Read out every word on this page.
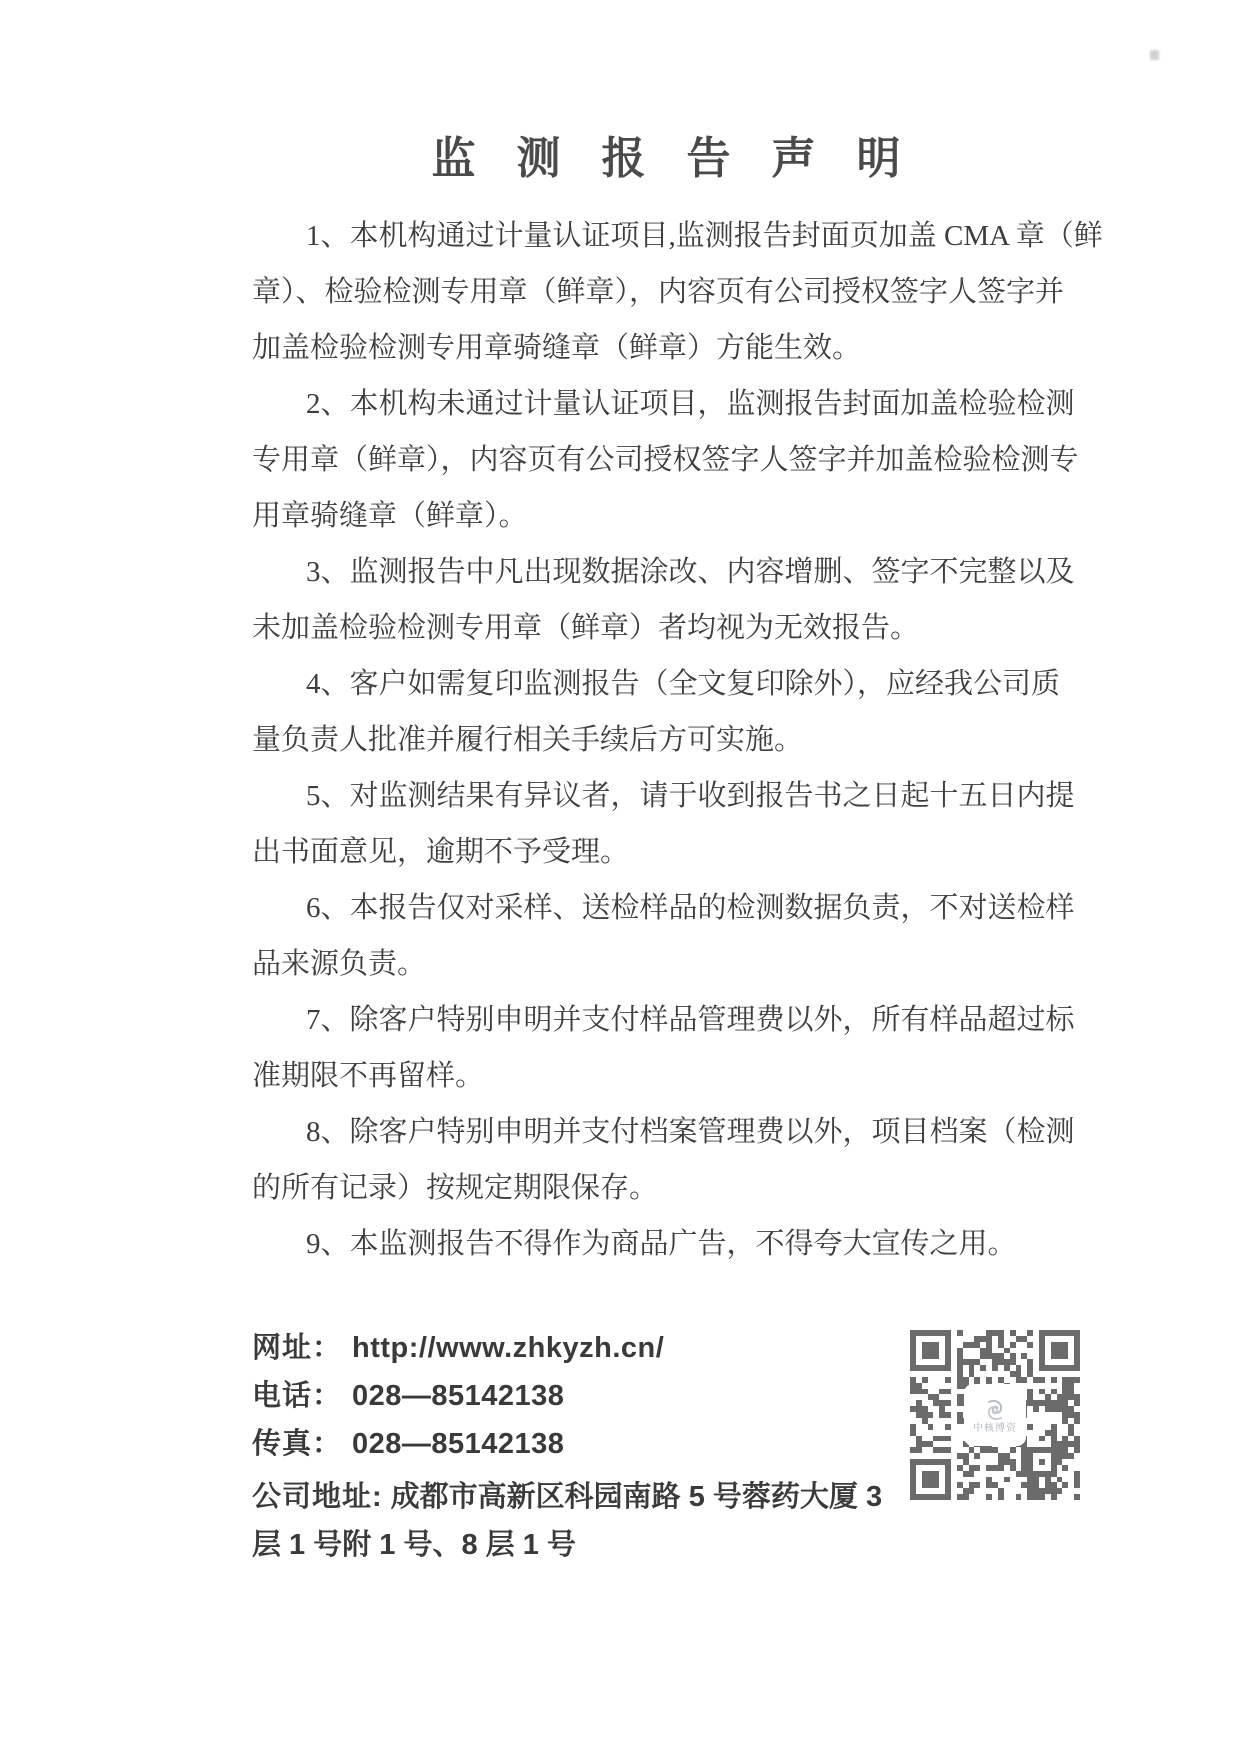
监 测 报 告 声 明
1、本机构通过计量认证项目,监测报告封面页加盖 CMA 章（鲜
章）、检验检测专用章（鲜章），内容页有公司授权签字人签字并
加盖检验检测专用章骑缝章（鲜章）方能生效。
2、本机构未通过计量认证项目，监测报告封面加盖检验检测
专用章（鲜章），内容页有公司授权签字人签字并加盖检验检测专
用章骑缝章（鲜章）。
3、监测报告中凡出现数据涂改、内容增删、签字不完整以及
未加盖检验检测专用章（鲜章）者均视为无效报告。
4、客户如需复印监测报告（全文复印除外），应经我公司质
量负责人批准并履行相关手续后方可实施。
5、对监测结果有异议者，请于收到报告书之日起十五日内提
出书面意见，逾期不予受理。
6、本报告仅对采样、送检样品的检测数据负责，不对送检样
品来源负责。
7、除客户特别申明并支付样品管理费以外，所有样品超过标
准期限不再留样。
8、除客户特别申明并支付档案管理费以外，项目档案（检测
的所有记录）按规定期限保存。
9、本监测报告不得作为商品广告，不得夸大宣传之用。
网址： http://www.zhkyzh.cn/
电话： 028—85142138
传真： 028—85142138
公司地址: 成都市高新区科园南路 5 号蓉药大厦 3
层 1 号附 1 号、8 层 1 号
中核博资
